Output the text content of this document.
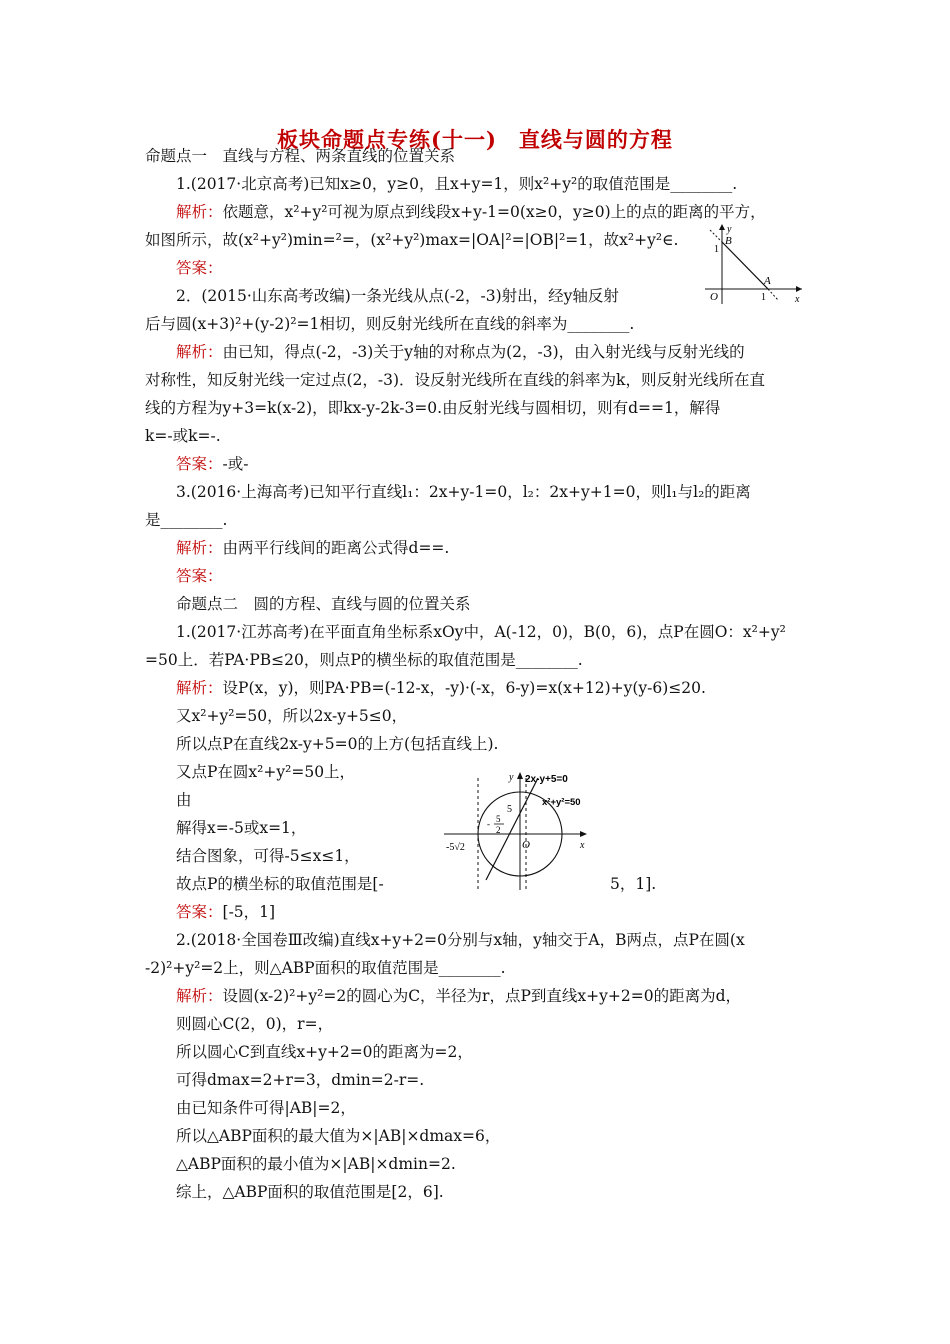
板块命题点专练(十一)　直线与圆的方程
命题点一　直线与方程、两条直线的位置关系
1.(2017·北京高考)已知x≥0，y≥0，且x+y=1，则x²+y²的取值范围是________.
解析：依题意，x²+y²可视为原点到线段x+y-1=0(x≥0，y≥0)上的点的距离的平方，
如图所示，故(x²+y²)min=²=，(x²+y²)max=|OA|²=|OB|²=1，故x²+y²∈.
答案：
2．(2015·山东高考改编)一条光线从点(-2，-3)射出，经y轴反射
后与圆(x+3)²+(y-2)²=1相切，则反射光线所在直线的斜率为________.
解析：由已知，得点(-2，-3)关于y轴的对称点为(2，-3)，由入射光线与反射光线的
对称性，知反射光线一定过点(2，-3)．设反射光线所在直线的斜率为k，则反射光线所在直
线的方程为y+3=k(x-2)，即kx-y-2k-3=0.由反射光线与圆相切，则有d==1，解得
k=-或k=-.
答案：-或-
3.(2016·上海高考)已知平行直线l₁：2x+y-1=0，l₂：2x+y+1=0，则l₁与l₂的距离
是________.
解析：由两平行线间的距离公式得d==.
答案：
命题点二　圆的方程、直线与圆的位置关系
1.(2017·江苏高考)在平面直角坐标系xOy中，A(-12，0)，B(0，6)，点P在圆O：x²+y²
=50上．若PA·PB≤20，则点P的横坐标的取值范围是________.
解析：设P(x，y)，则PA·PB=(-12-x，-y)·(-x，6-y)=x(x+12)+y(y-6)≤20.
又x²+y²=50，所以2x-y+5≤0，
所以点P在直线2x-y+5=0的上方(包括直线上).
又点P在圆x²+y²=50上，
由
解得x=-5或x=1，
结合图象，可得-5≤x≤1，
故点P的横坐标的取值范围是[-	5，1].
答案：[-5，1]
2.(2018·全国卷Ⅲ改编)直线x+y+2=0分别与x轴，y轴交于A，B两点，点P在圆(x
-2)²+y²=2上，则△ABP面积的取值范围是________.
解析：设圆(x-2)²+y²=2的圆心为C，半径为r，点P到直线x+y+2=0的距离为d，
则圆心C(2，0)，r=，
所以圆心C到直线x+y+2=0的距离为=2，
可得dmax=2+r=3，dmin=2-r=.
由已知条件可得|AB|=2，
所以△ABP面积的最大值为×|AB|×dmax=6，
△ABP面积的最小值为×|AB|×dmin=2.
综上，△ABP面积的取值范围是[2，6].
y
x
B
A
O
1
1
2x-y+5=0
x²+y²=50
y
x
O
5
- 5
2
-5√2
